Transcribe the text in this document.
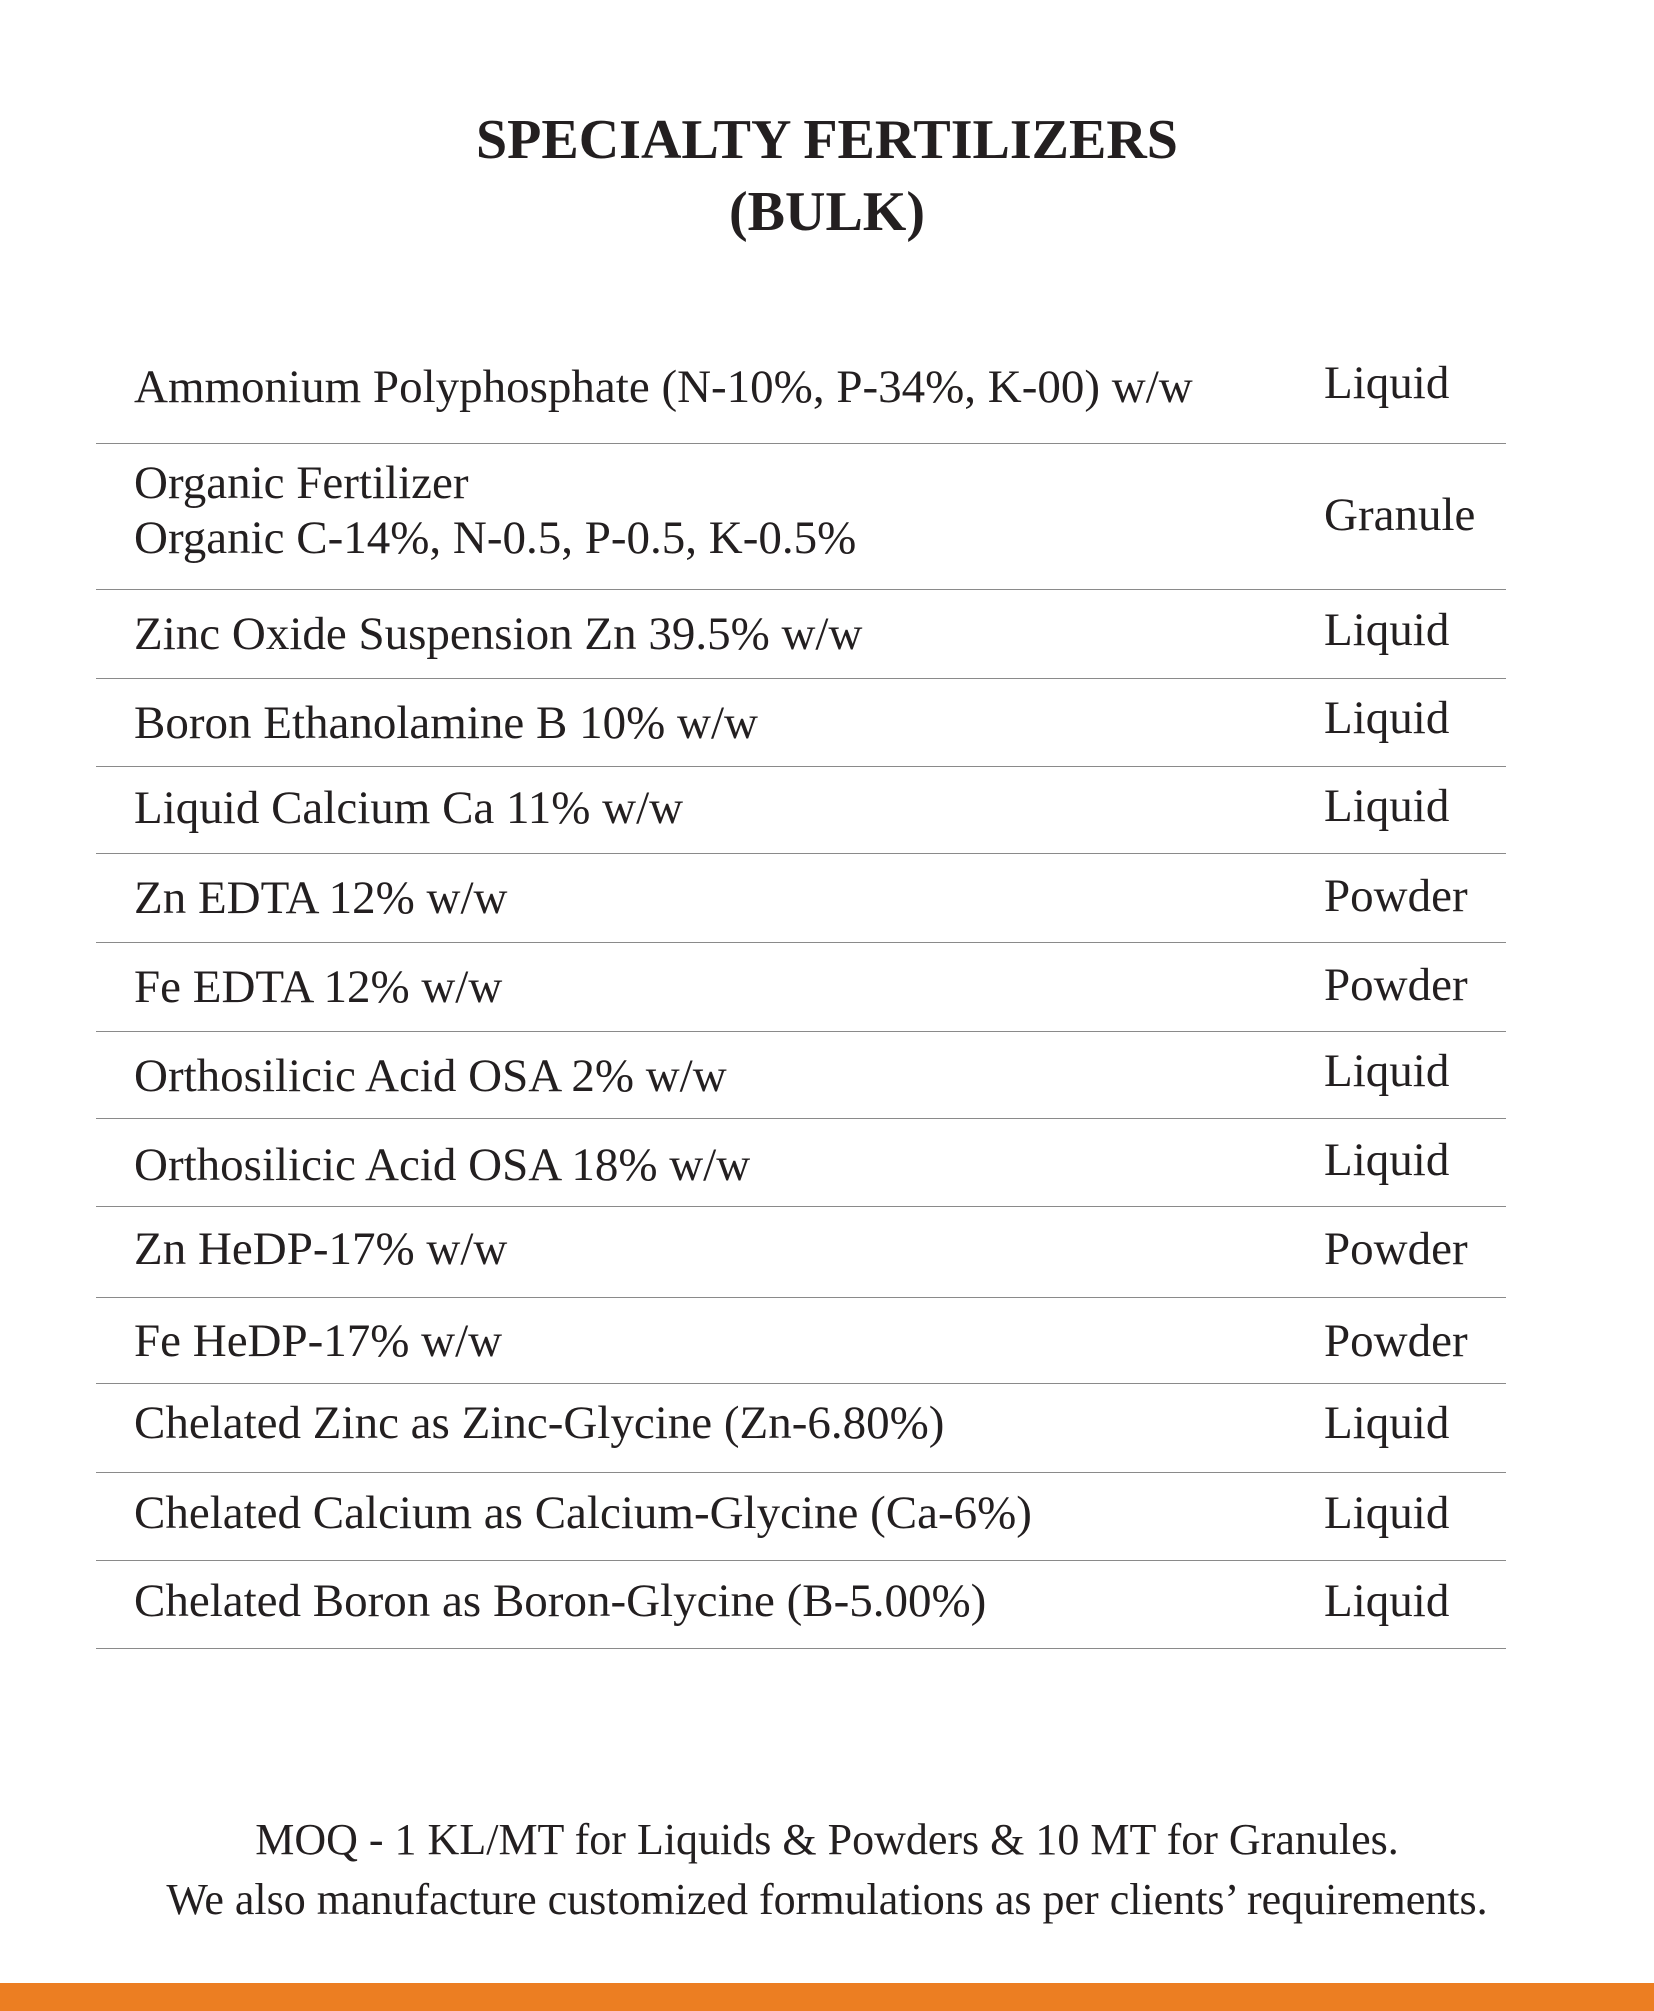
SPECIALTY FERTILIZERS
(BULK)
Ammonium Polyphosphate (N-10%, P-34%, K-00) w/w	Liquid
Organic Fertilizer
Organic C-14%, N-0.5, P-0.5, K-0.5%	Granule
Zinc Oxide Suspension Zn 39.5% w/w	Liquid
Boron Ethanolamine B 10% w/w	Liquid
Liquid Calcium Ca 11% w/w	Liquid
Zn EDTA 12% w/w	Powder
Fe EDTA 12% w/w	Powder
Orthosilicic Acid OSA 2% w/w	Liquid
Orthosilicic Acid OSA 18% w/w	Liquid
Zn HeDP-17% w/w	Powder
Fe HeDP-17% w/w	Powder
Chelated Zinc as Zinc-Glycine (Zn-6.80%)	Liquid
Chelated Calcium as Calcium-Glycine (Ca-6%)	Liquid
Chelated Boron as Boron-Glycine (B-5.00%)	Liquid
MOQ - 1 KL/MT for Liquids & Powders & 10 MT for Granules.
We also manufacture customized formulations as per clients’ requirements.
